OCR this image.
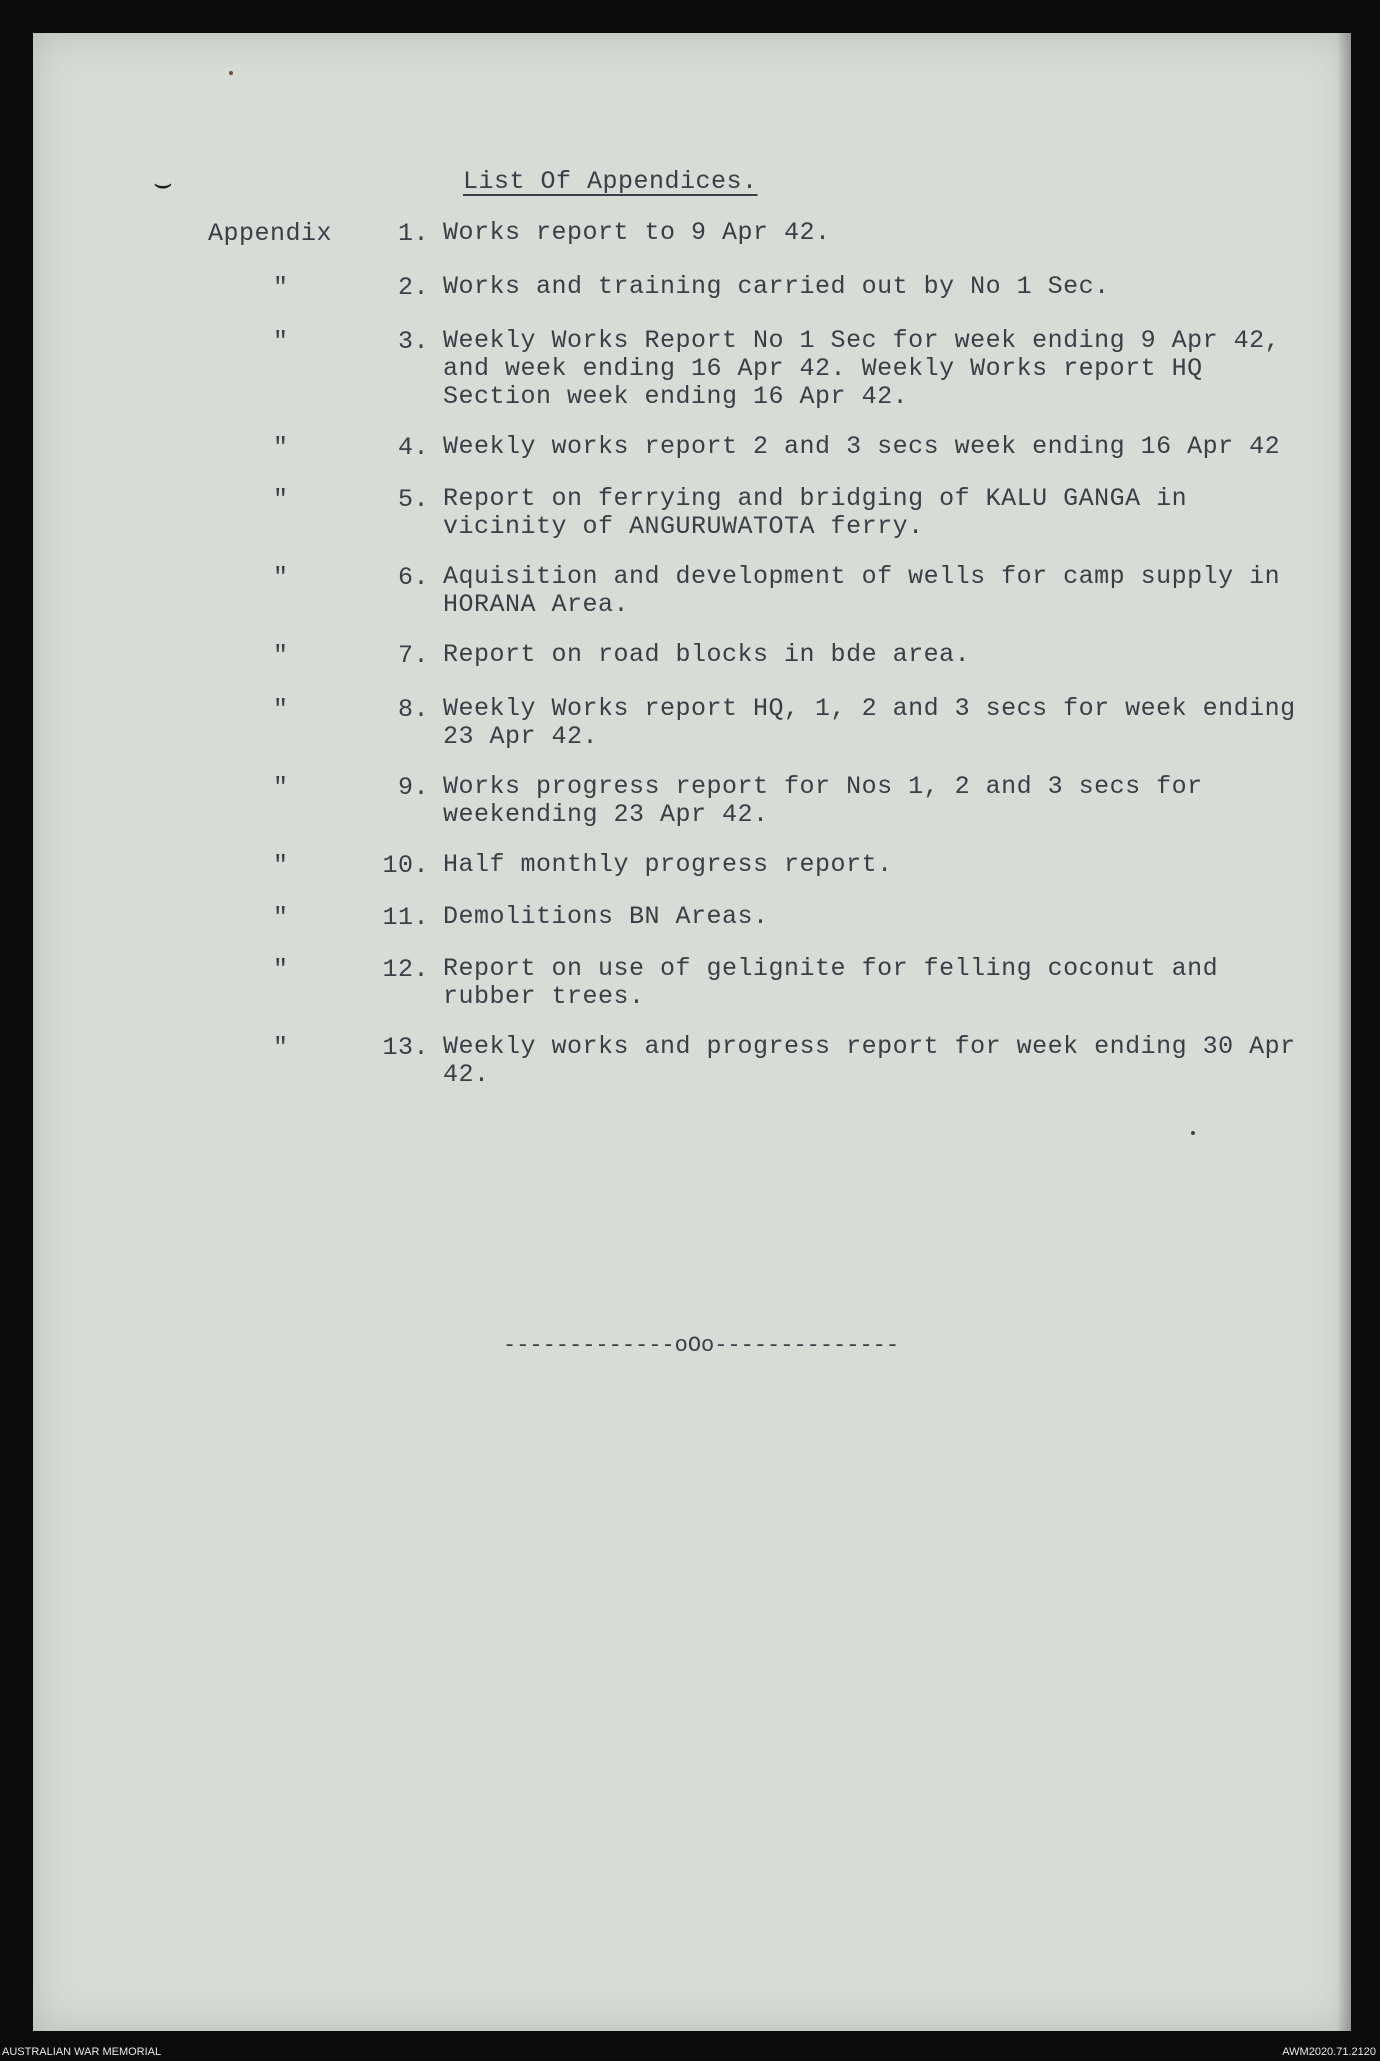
⌣	List Of Appendices.
Appendix	1. Works report to 9 Apr 42.
"	2. Works and training carried out by No 1 Sec.
"	3. Weekly Works Report No 1 Sec for week ending 9 Apr 42, and week ending 16 Apr 42. Weekly Works report HQ Section week ending 16 Apr 42.
"	4. Weekly works report 2 and 3 secs week ending 16 Apr 42
"	5. Report on ferrying and bridging of KALU GANGA in vicinity of ANGURUWATOTA ferry.
"	6. Aquisition and development of wells for camp supply in HORANA Area.
"	7. Report on road blocks in bde area.
"	8. Weekly Works report HQ, 1, 2 and 3 secs for week ending 23 Apr 42.
"	9. Works progress report for Nos 1, 2 and 3 secs for weekending 23 Apr 42.
"	10. Half monthly progress report.
"	11. Demolitions BN Areas.
"	12. Report on use of gelignite for felling coconut and rubber trees.
"	13. Weekly works and progress report for week ending 30 Apr 42.
-------------oOo--------------
AUSTRALIAN WAR MEMORIAL	AWM2020.71.2120
